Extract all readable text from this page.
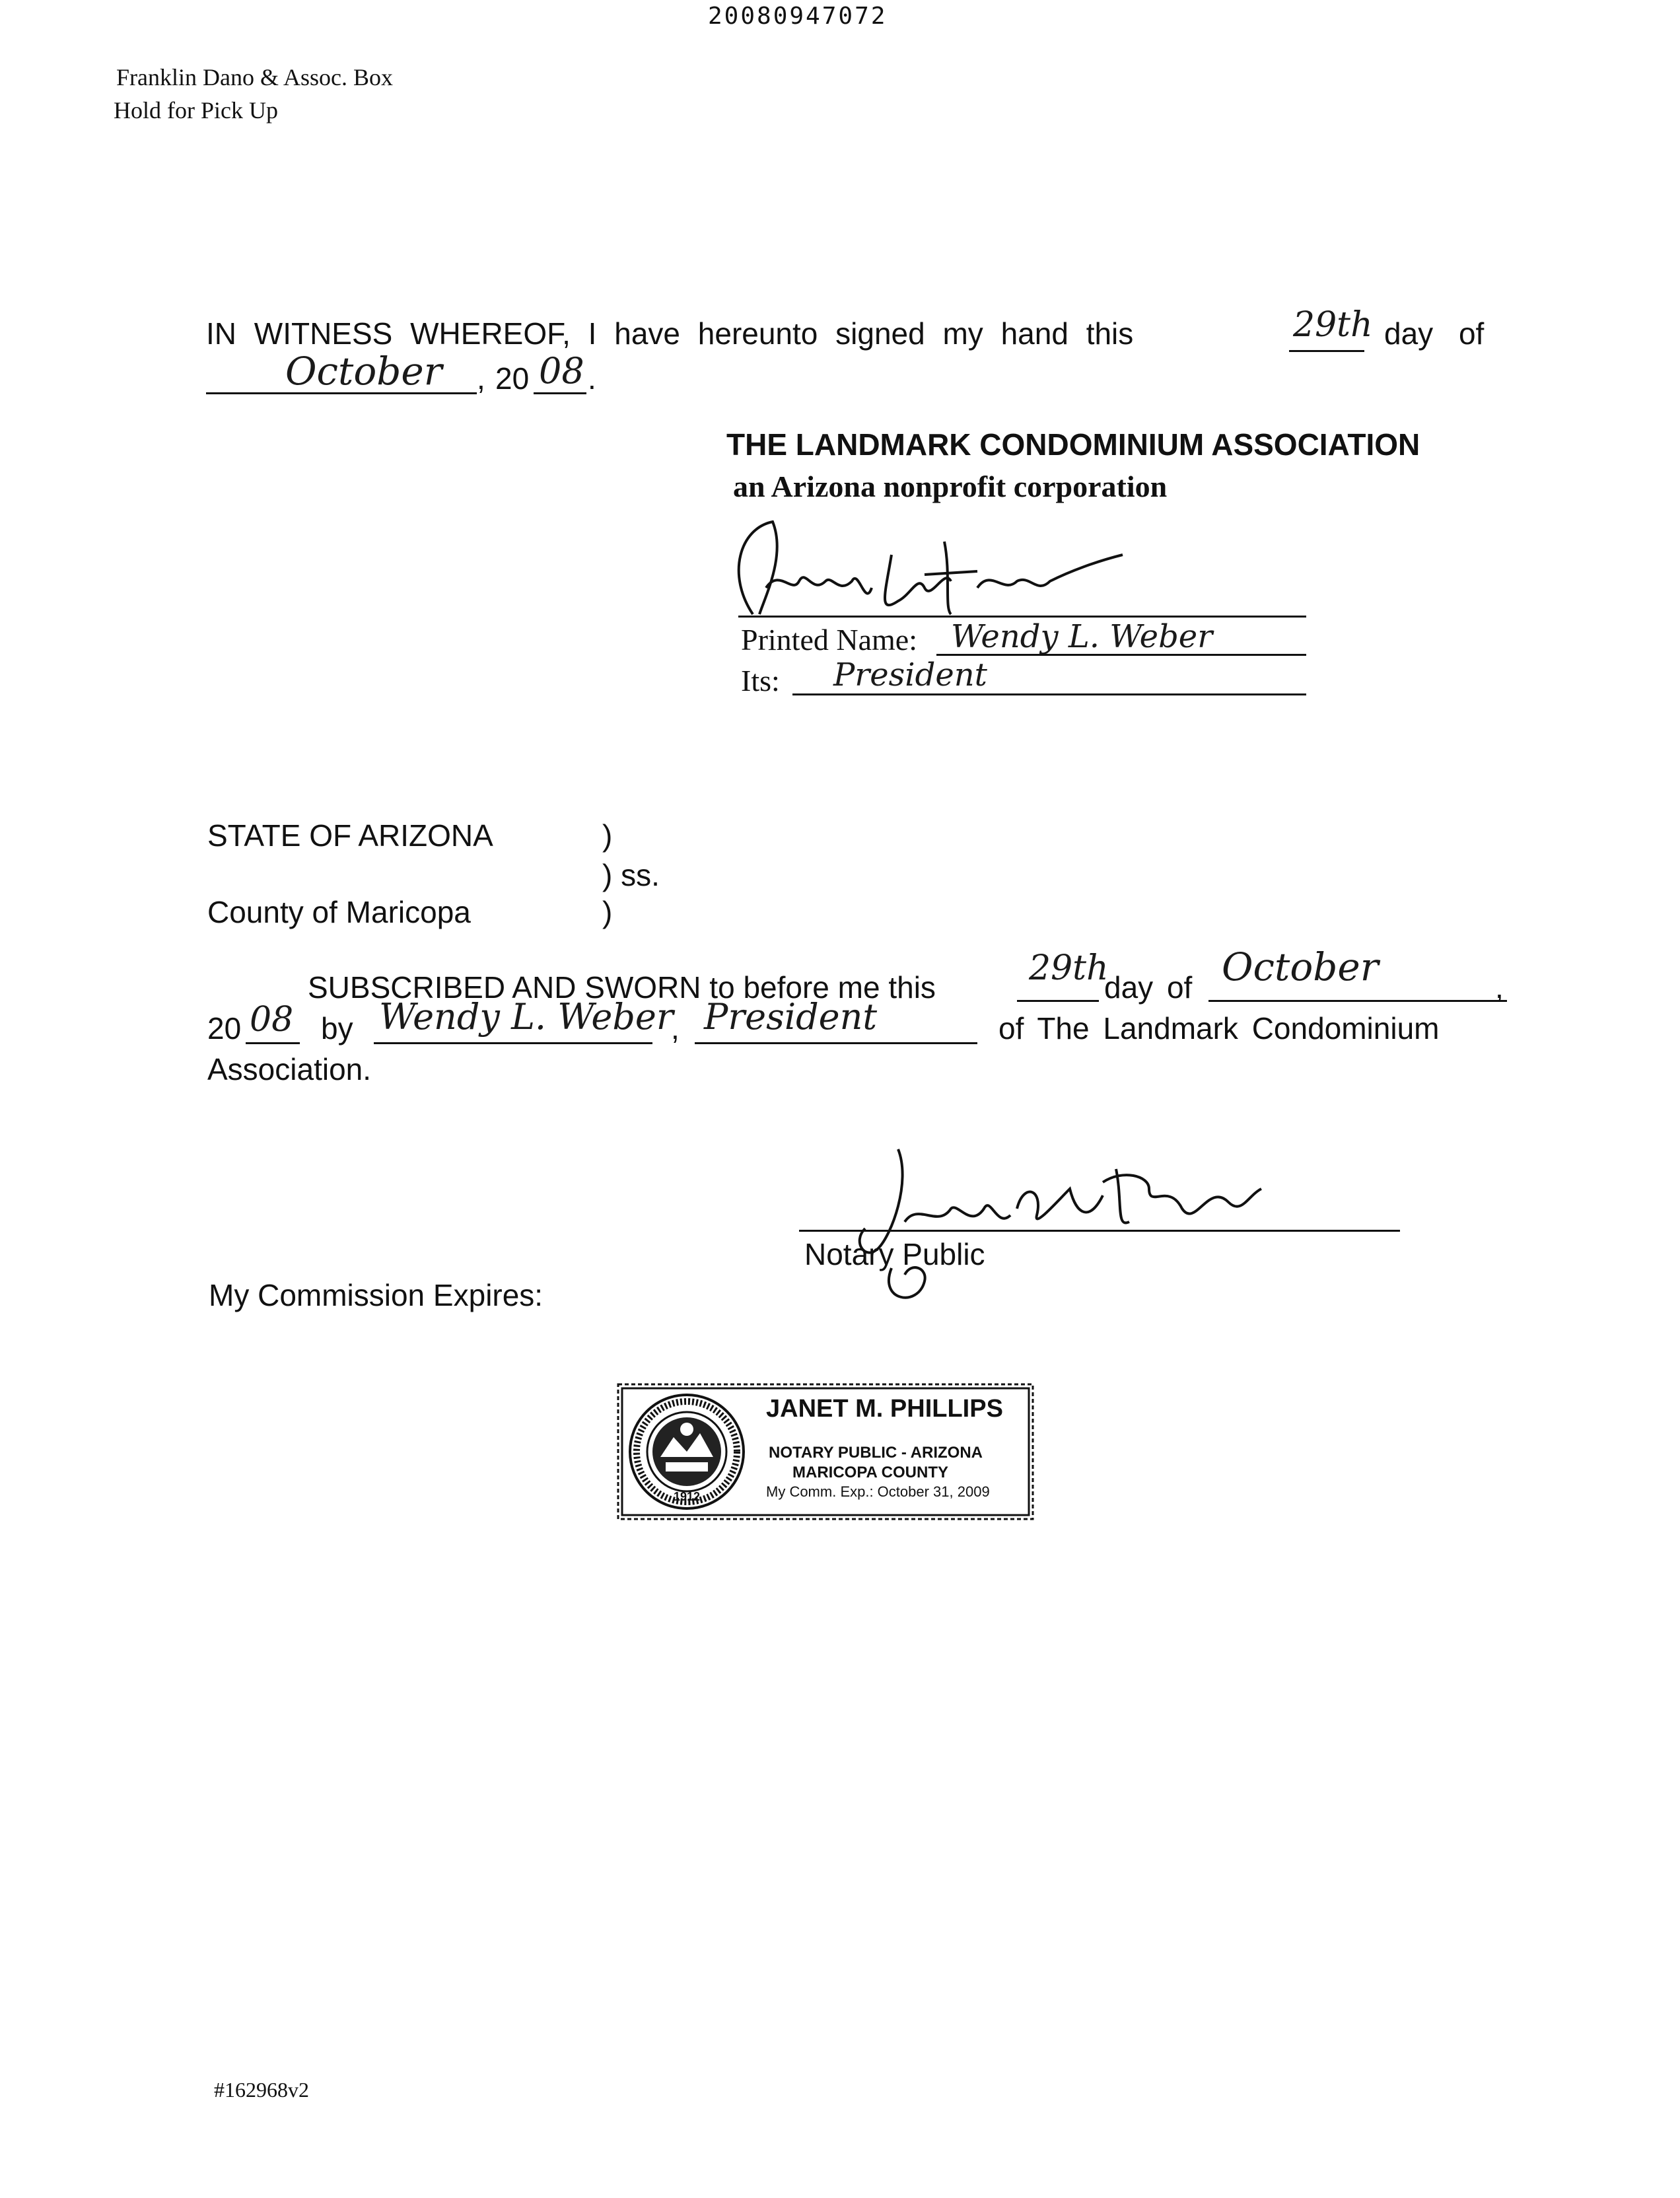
20080947072
Franklin Dano & Assoc. Box
Hold for Pick Up
IN WITNESS WHEREOF, I have hereunto signed my hand this	29th day of
October , 20 08 .
THE LANDMARK CONDOMINIUM ASSOCIATION
an Arizona nonprofit corporation
Printed Name: Wendy L. Weber
Its: President
STATE OF ARIZONA	)
) ss.
County of Maricopa	)
SUBSCRIBED AND SWORN to before me this	29th
day of October	,
20 08 by Wendy L. Weber
, President	of The Landmark Condominium
Association.
Notary Public
My Commission Expires:
1912
JANET M. PHILLIPS
NOTARY PUBLIC - ARIZONA
MARICOPA COUNTY
My Comm. Exp.: October 31, 2009
#162968v2
